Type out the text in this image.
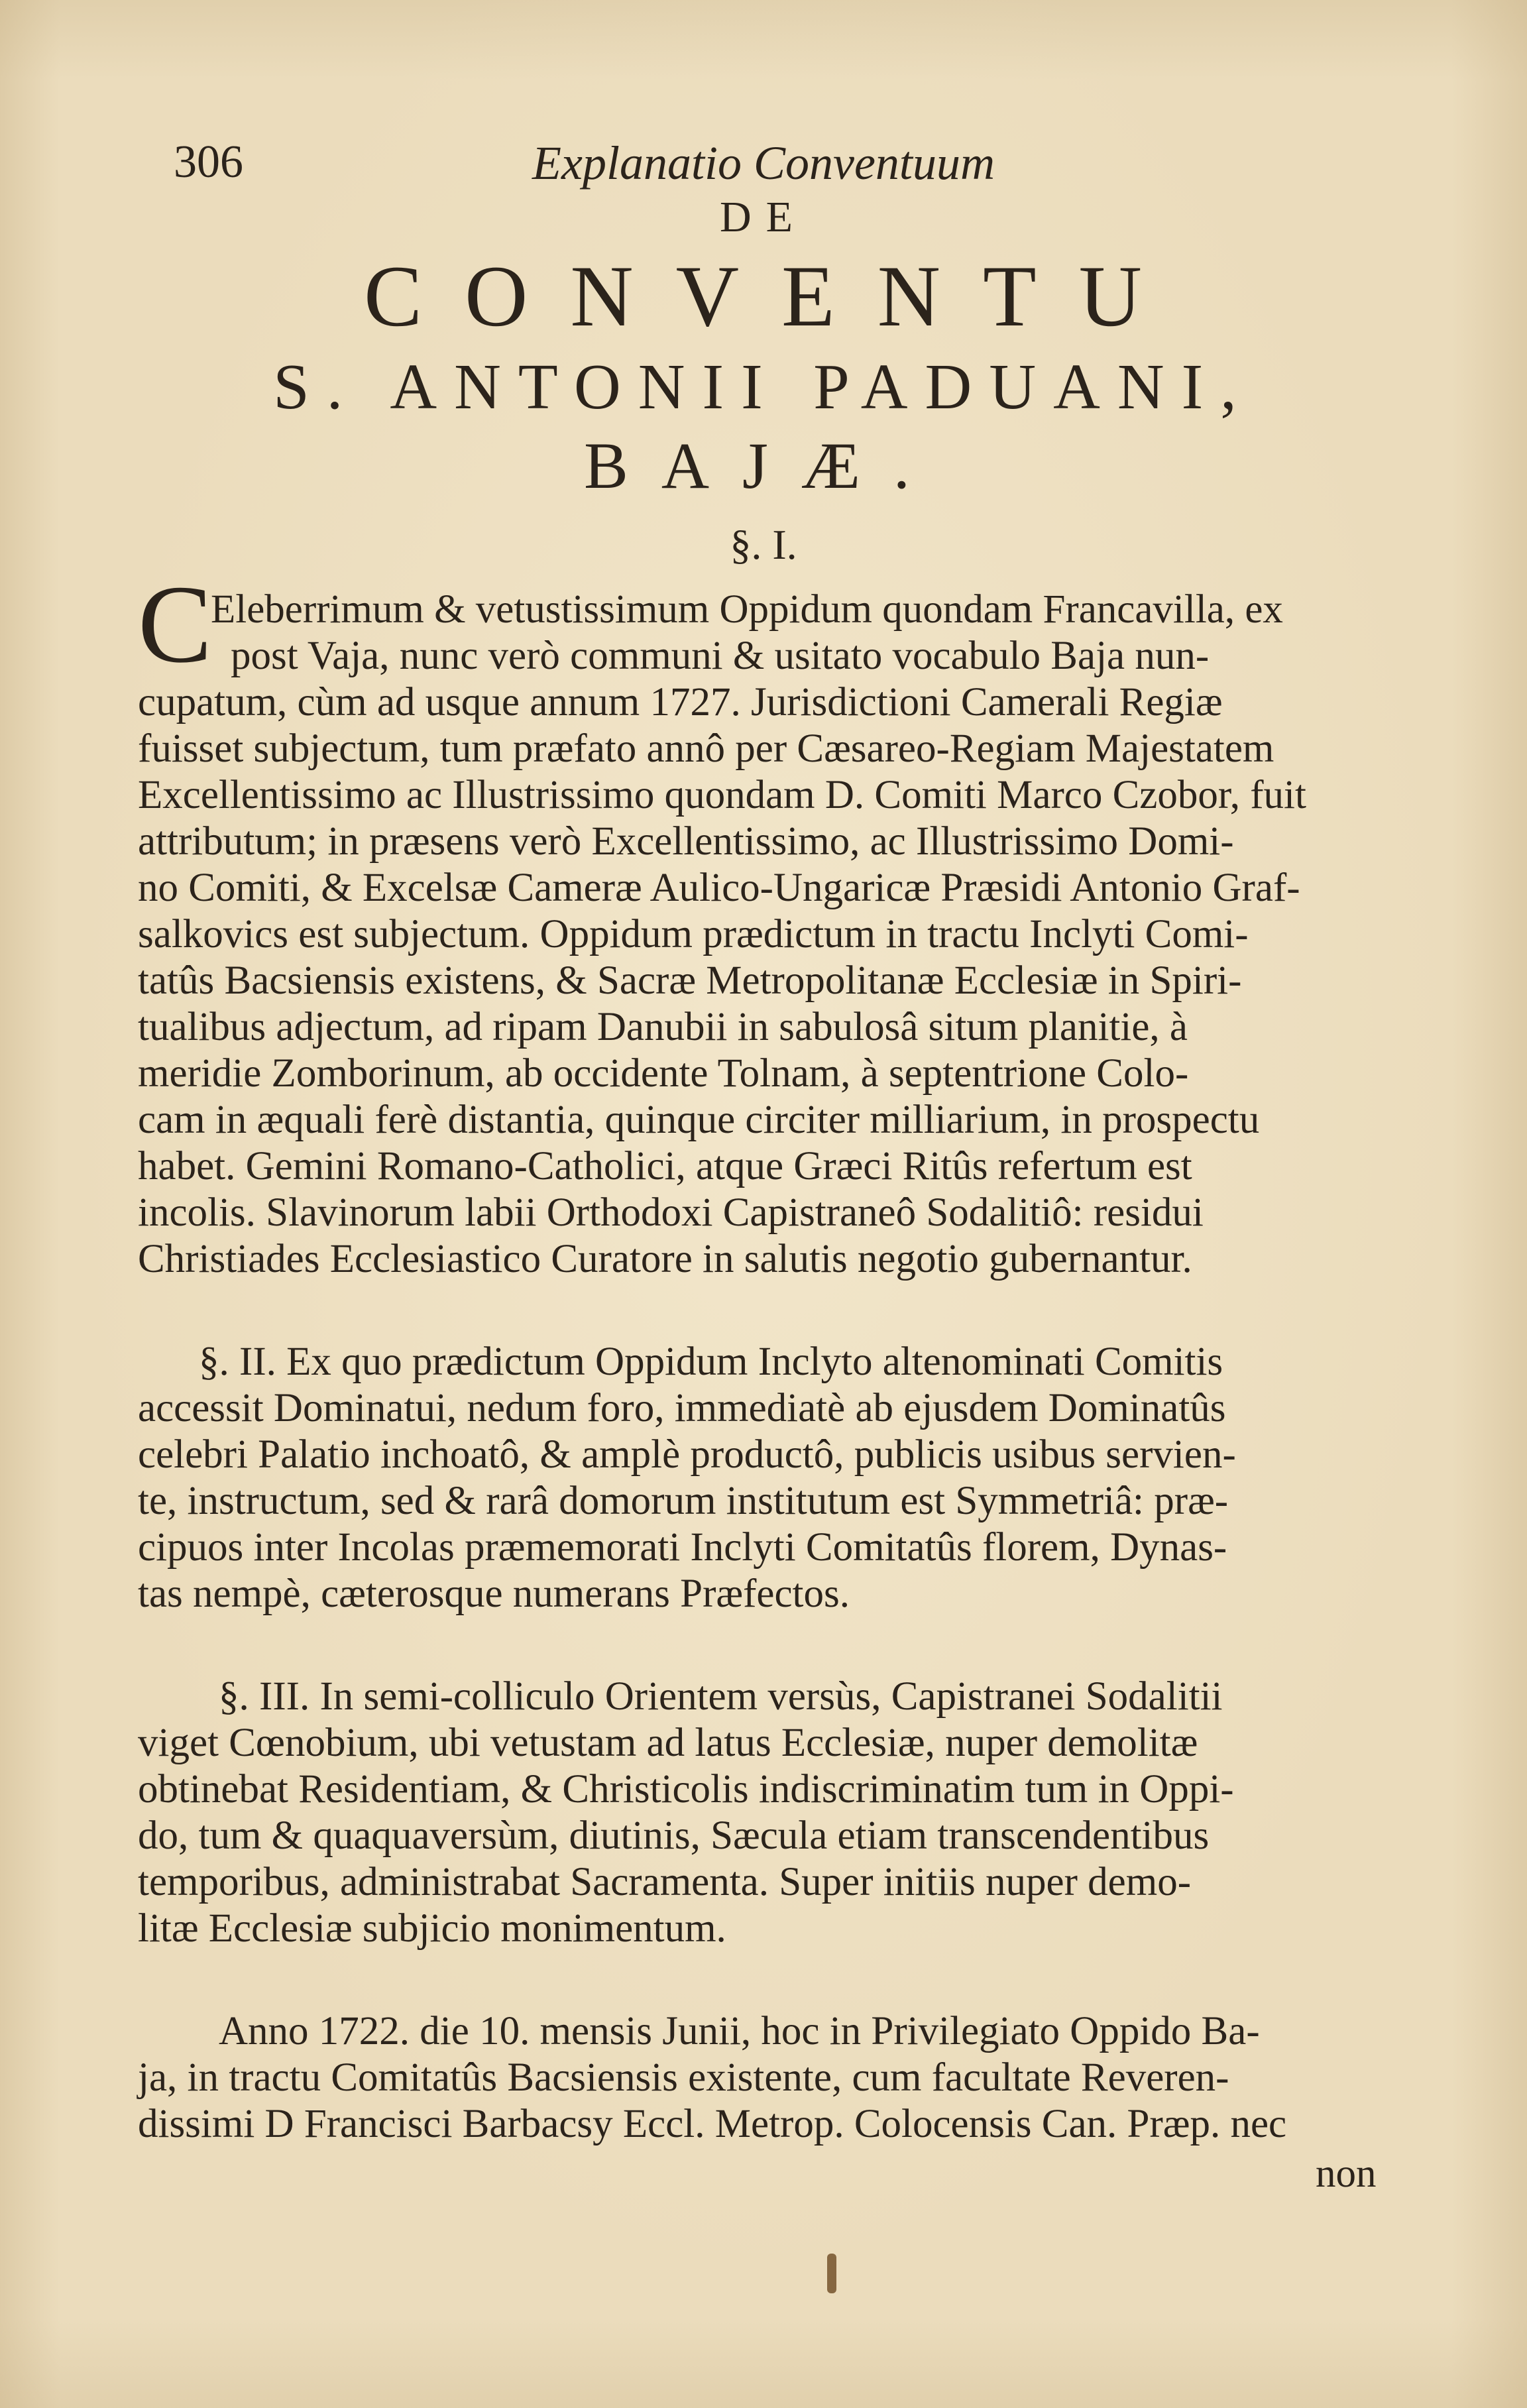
306	Explanatio Conventuum
DE
CONVENTU
S. ANTONII PADUANI,
BAJÆ.
§. I.
C
Eleberrimum & vetustissimum Oppidum quondam Francavilla, ex
post Vaja, nunc verò communi & usitato vocabulo Baja nun-
cupatum, cùm ad usque annum 1727. Jurisdictioni Camerali Regiæ
fuisset subjectum, tum præfato annô per Cæsareo-Regiam Majestatem
Excellentissimo ac Illustrissimo quondam D. Comiti Marco Czobor, fuit
attributum; in præsens verò Excellentissimo, ac Illustrissimo Domi-
no Comiti, & Excelsæ Cameræ Aulico-Ungaricæ Præsidi Antonio Graf-
salkovics est subjectum. Oppidum prædictum in tractu Inclyti Comi-
tatûs Bacsiensis existens, & Sacræ Metropolitanæ Ecclesiæ in Spiri-
tualibus adjectum, ad ripam Danubii in sabulosâ situm planitie, à
meridie Zomborinum, ab occidente Tolnam, à septentrione Colo-
cam in æquali ferè distantia, quinque circiter milliarium, in prospectu
habet. Gemini Romano-Catholici, atque Græci Ritûs refertum est
incolis. Slavinorum labii Orthodoxi Capistraneô Sodalitiô: residui
Christiades Ecclesiastico Curatore in salutis negotio gubernantur.
§. II. Ex quo prædictum Oppidum Inclyto altenominati Comitis
accessit Dominatui, nedum foro, immediatè ab ejusdem Dominatûs
celebri Palatio inchoatô, & amplè productô, publicis usibus servien-
te, instructum, sed & rarâ domorum institutum est Symmetriâ: præ-
cipuos inter Incolas præmemorati Inclyti Comitatûs florem, Dynas-
tas nempè, cæterosque numerans Præfectos.
§. III. In semi-colliculo Orientem versùs, Capistranei Sodalitii
viget Cœnobium, ubi vetustam ad latus Ecclesiæ, nuper demolitæ
obtinebat Residentiam, & Christicolis indiscriminatim tum in Oppi-
do, tum & quaquaversùm, diutinis, Sæcula etiam transcendentibus
temporibus, administrabat Sacramenta. Super initiis nuper demo-
litæ Ecclesiæ subjicio monimentum.
Anno 1722. die 10. mensis Junii, hoc in Privilegiato Oppido Ba-
ja, in tractu Comitatûs Bacsiensis existente, cum facultate Reveren-
dissimi D Francisci Barbacsy Eccl. Metrop. Colocensis Can. Præp. nec
non
